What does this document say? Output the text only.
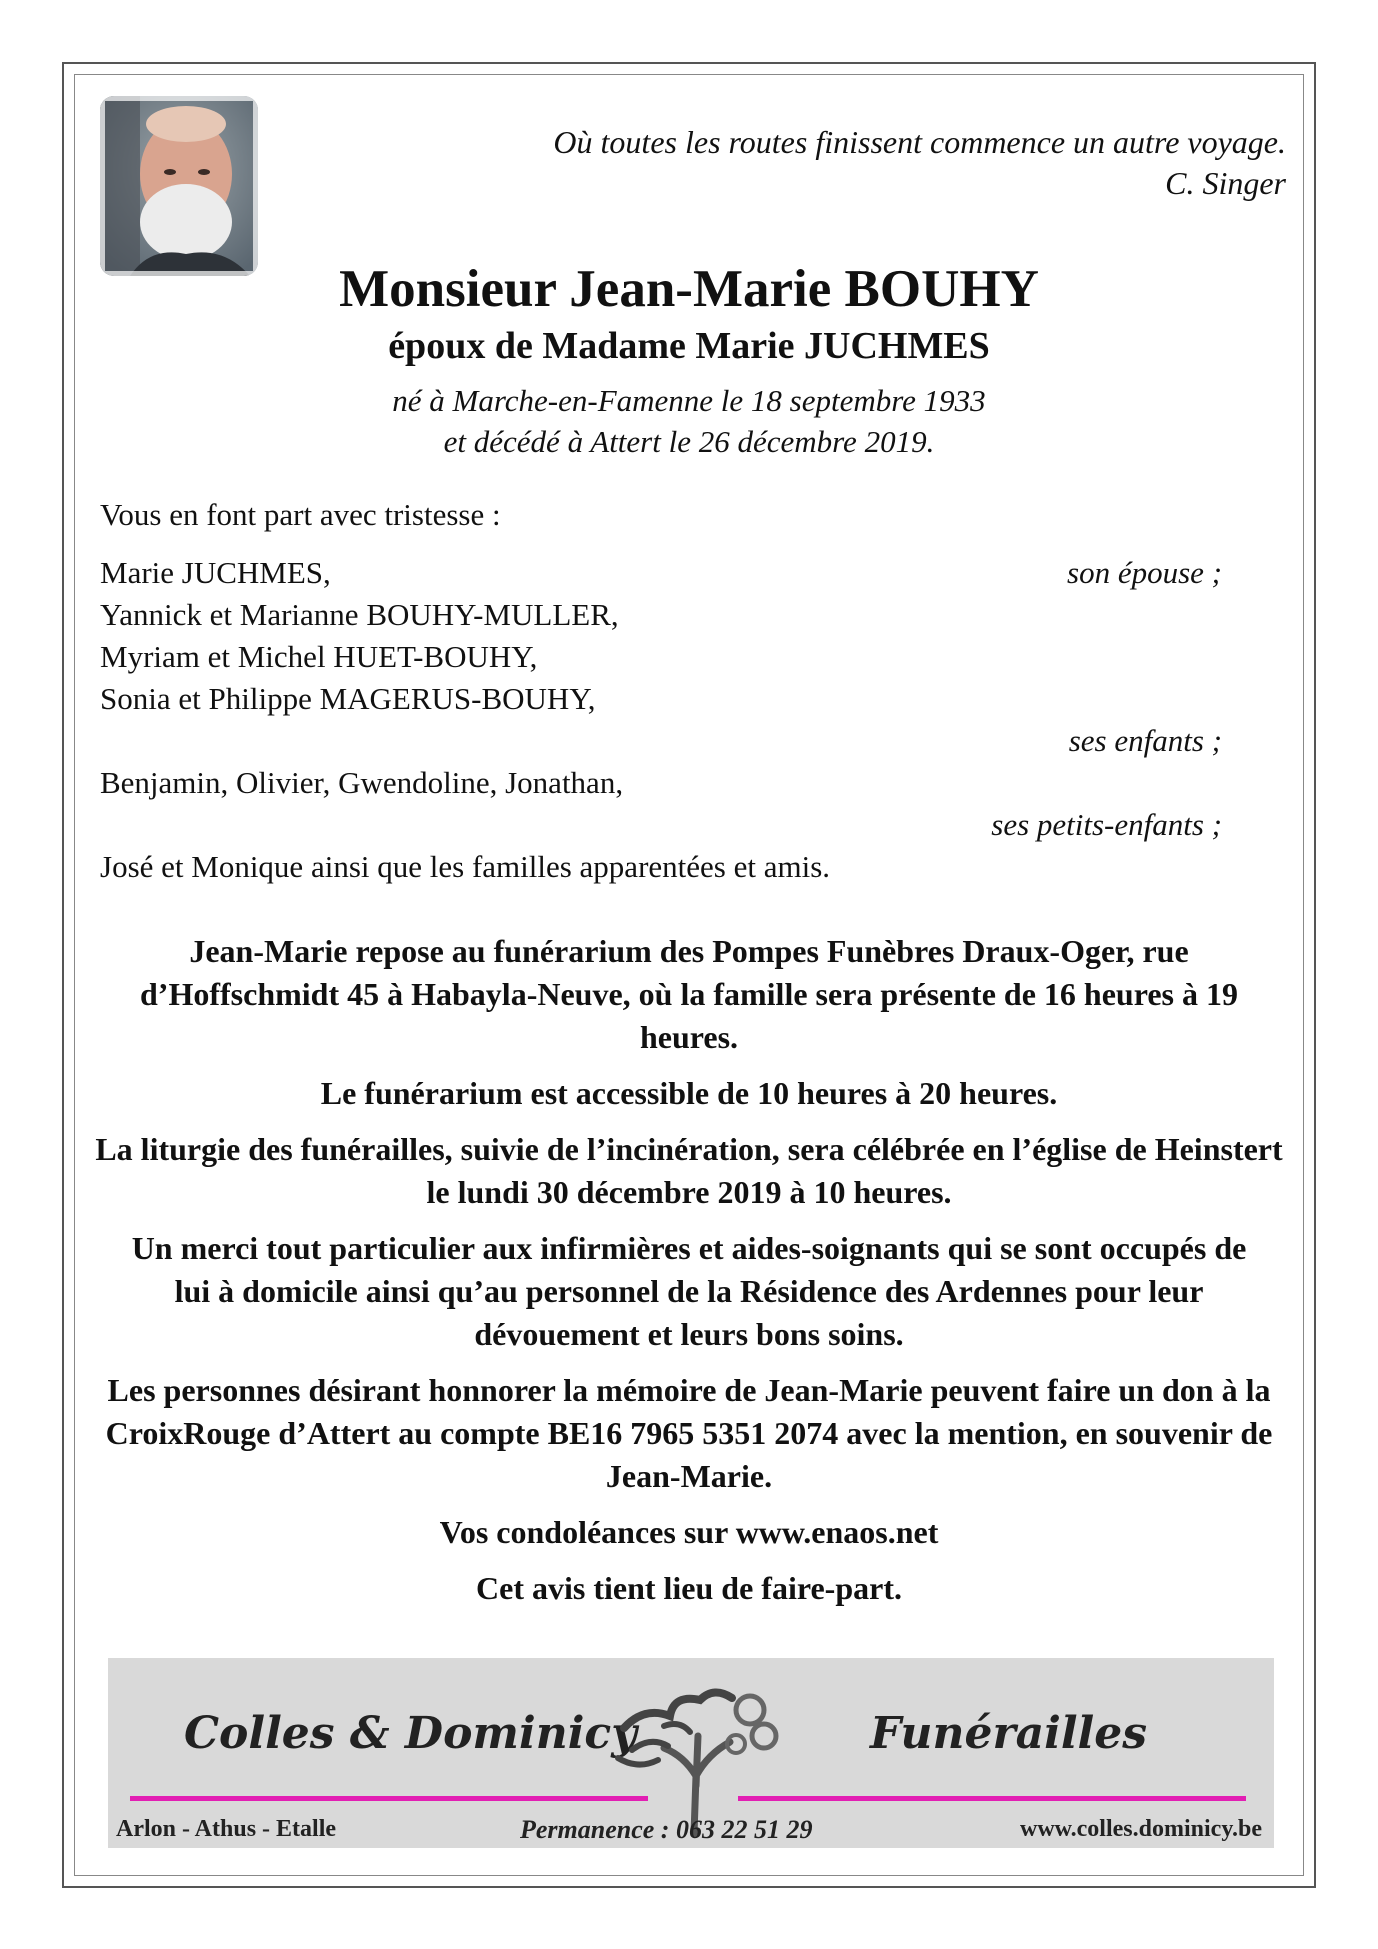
Où toutes les routes finissent commence un autre voyage.
C. Singer
Monsieur Jean-Marie BOUHY
époux de Madame Marie JUCHMES
né à Marche-en-Famenne le 18 septembre 1933
et décédé à Attert le 26 décembre 2019.
Vous en font part avec tristesse :
son épouse ;
Marie JUCHMES,
Yannick et Marianne BOUHY-MULLER,
Myriam et Michel HUET-BOUHY,
Sonia et Philippe MAGERUS-BOUHY,
ses enfants ;
Benjamin, Olivier, Gwendoline, Jonathan,
ses petits-enfants ;
José et Monique ainsi que les familles apparentées et amis.

Jean-Marie repose au funérarium des Pompes Funèbres Draux-Oger, rue d’Hoffschmidt 45 à Habayla-Neuve, où la famille sera présente de 16 heures à 19 heures.

Le funérarium est accessible de 10 heures à 20 heures.

La liturgie des funérailles, suivie de l’incinération, sera célébrée en l’église de Heinstert le lundi 30 décembre 2019 à 10 heures.

Un merci tout particulier aux infirmières et aides-soignants qui se sont occupés de lui à domicile ainsi qu’au personnel de la Résidence des Ardennes pour leur dévouement et leurs bons soins.

Les personnes désirant honnorer la mémoire de Jean-Marie peuvent faire un don à la CroixRouge d’Attert au compte BE16 7965 5351 2074 avec la mention, en souvenir de Jean-Marie.

Vos condoléances sur www.enaos.net

Cet avis tient lieu de faire-part.

Colles & Dominicy	Funérailles
Arlon - Athus - Etalle	Permanence : 063 22 51 29	www.colles.dominicy.be
